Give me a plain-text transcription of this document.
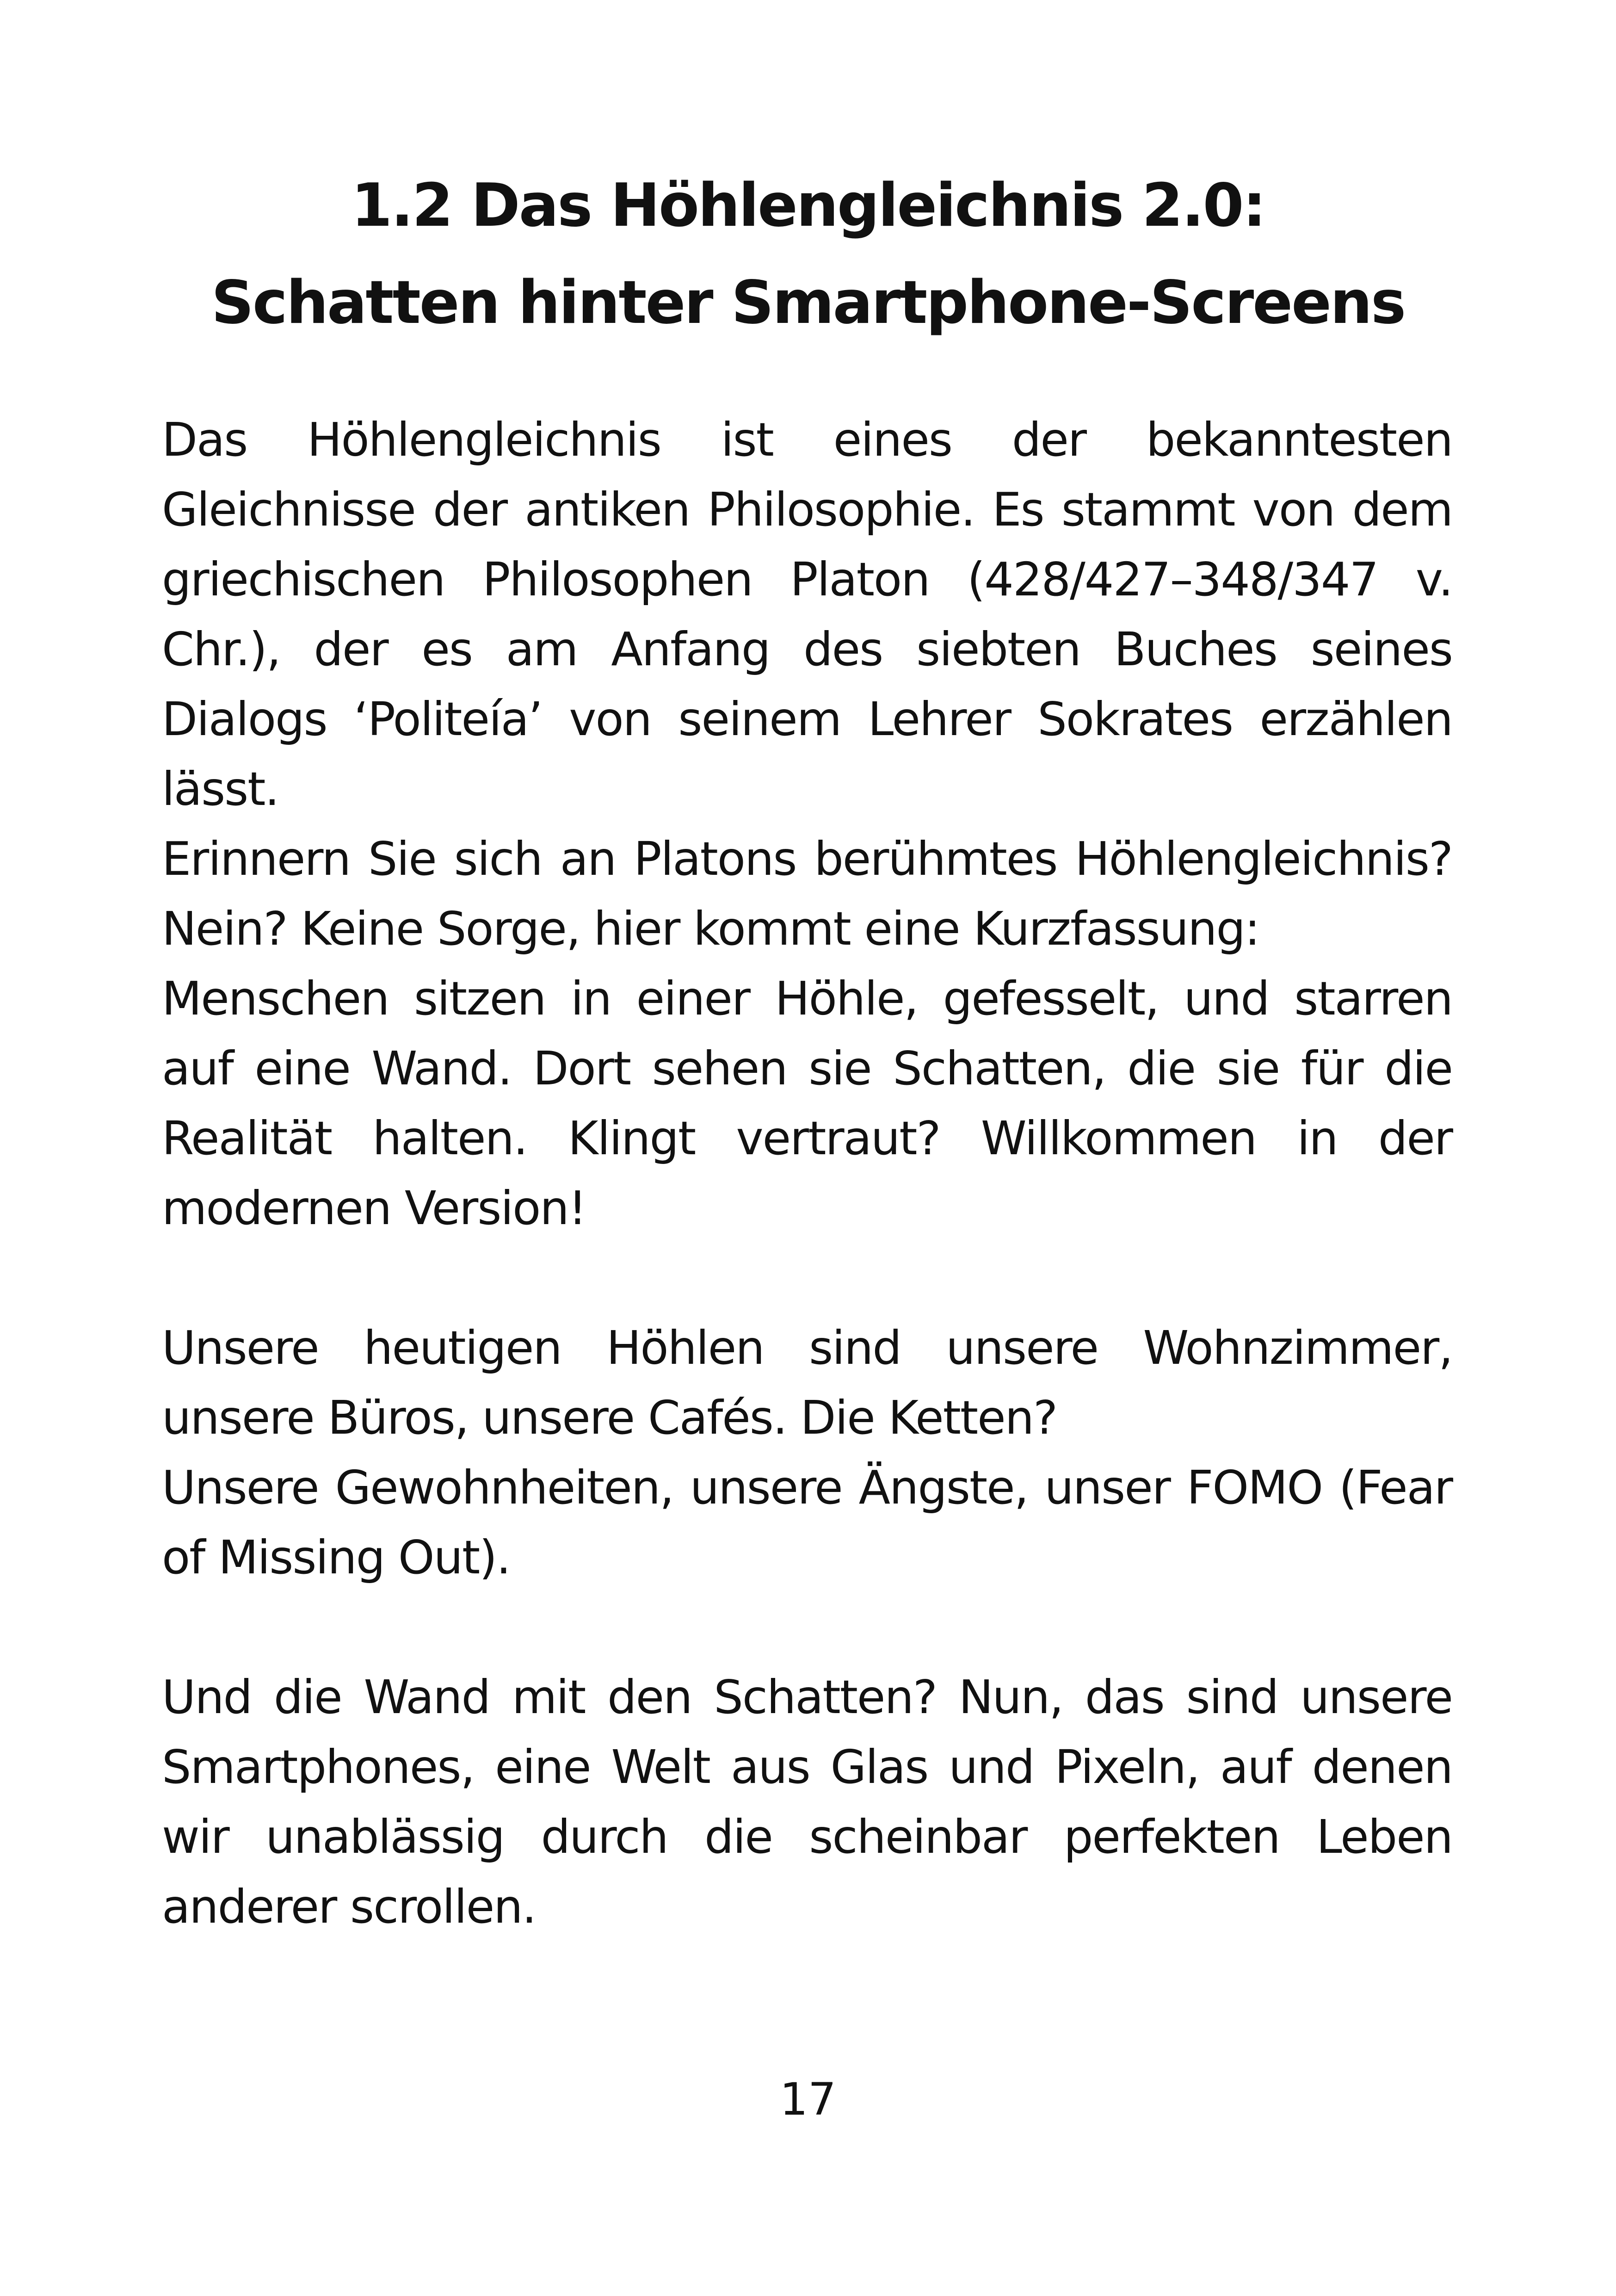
1.2 Das Höhlengleichnis 2.0:
Schatten hinter Smartphone-Screens

Das Höhlengleichnis ist eines der bekanntesten Gleichnisse der antiken Philosophie. Es stammt von dem griechischen Philosophen Platon (428/427–348/347 v. Chr.), der es am Anfang des siebten Buches seines Dialogs ‘Politeía’ von seinem Lehrer Sokrates erzählen lässt.

Erinnern Sie sich an Platons berühmtes Höhlengleichnis? Nein? Keine Sorge, hier kommt eine Kurzfassung:

Menschen sitzen in einer Höhle, gefesselt, und starren auf eine Wand. Dort sehen sie Schatten, die sie für die Realität halten. Klingt vertraut? Willkommen in der modernen Version!

Unsere heutigen Höhlen sind unsere Wohnzimmer, unsere Büros, unsere Cafés. Die Ketten?

Unsere Gewohnheiten, unsere Ängste, unser FOMO (Fear of Missing Out).

Und die Wand mit den Schatten? Nun, das sind unsere Smartphones, eine Welt aus Glas und Pixeln, auf denen wir unablässig durch die scheinbar perfekten Leben anderer scrollen.

17
